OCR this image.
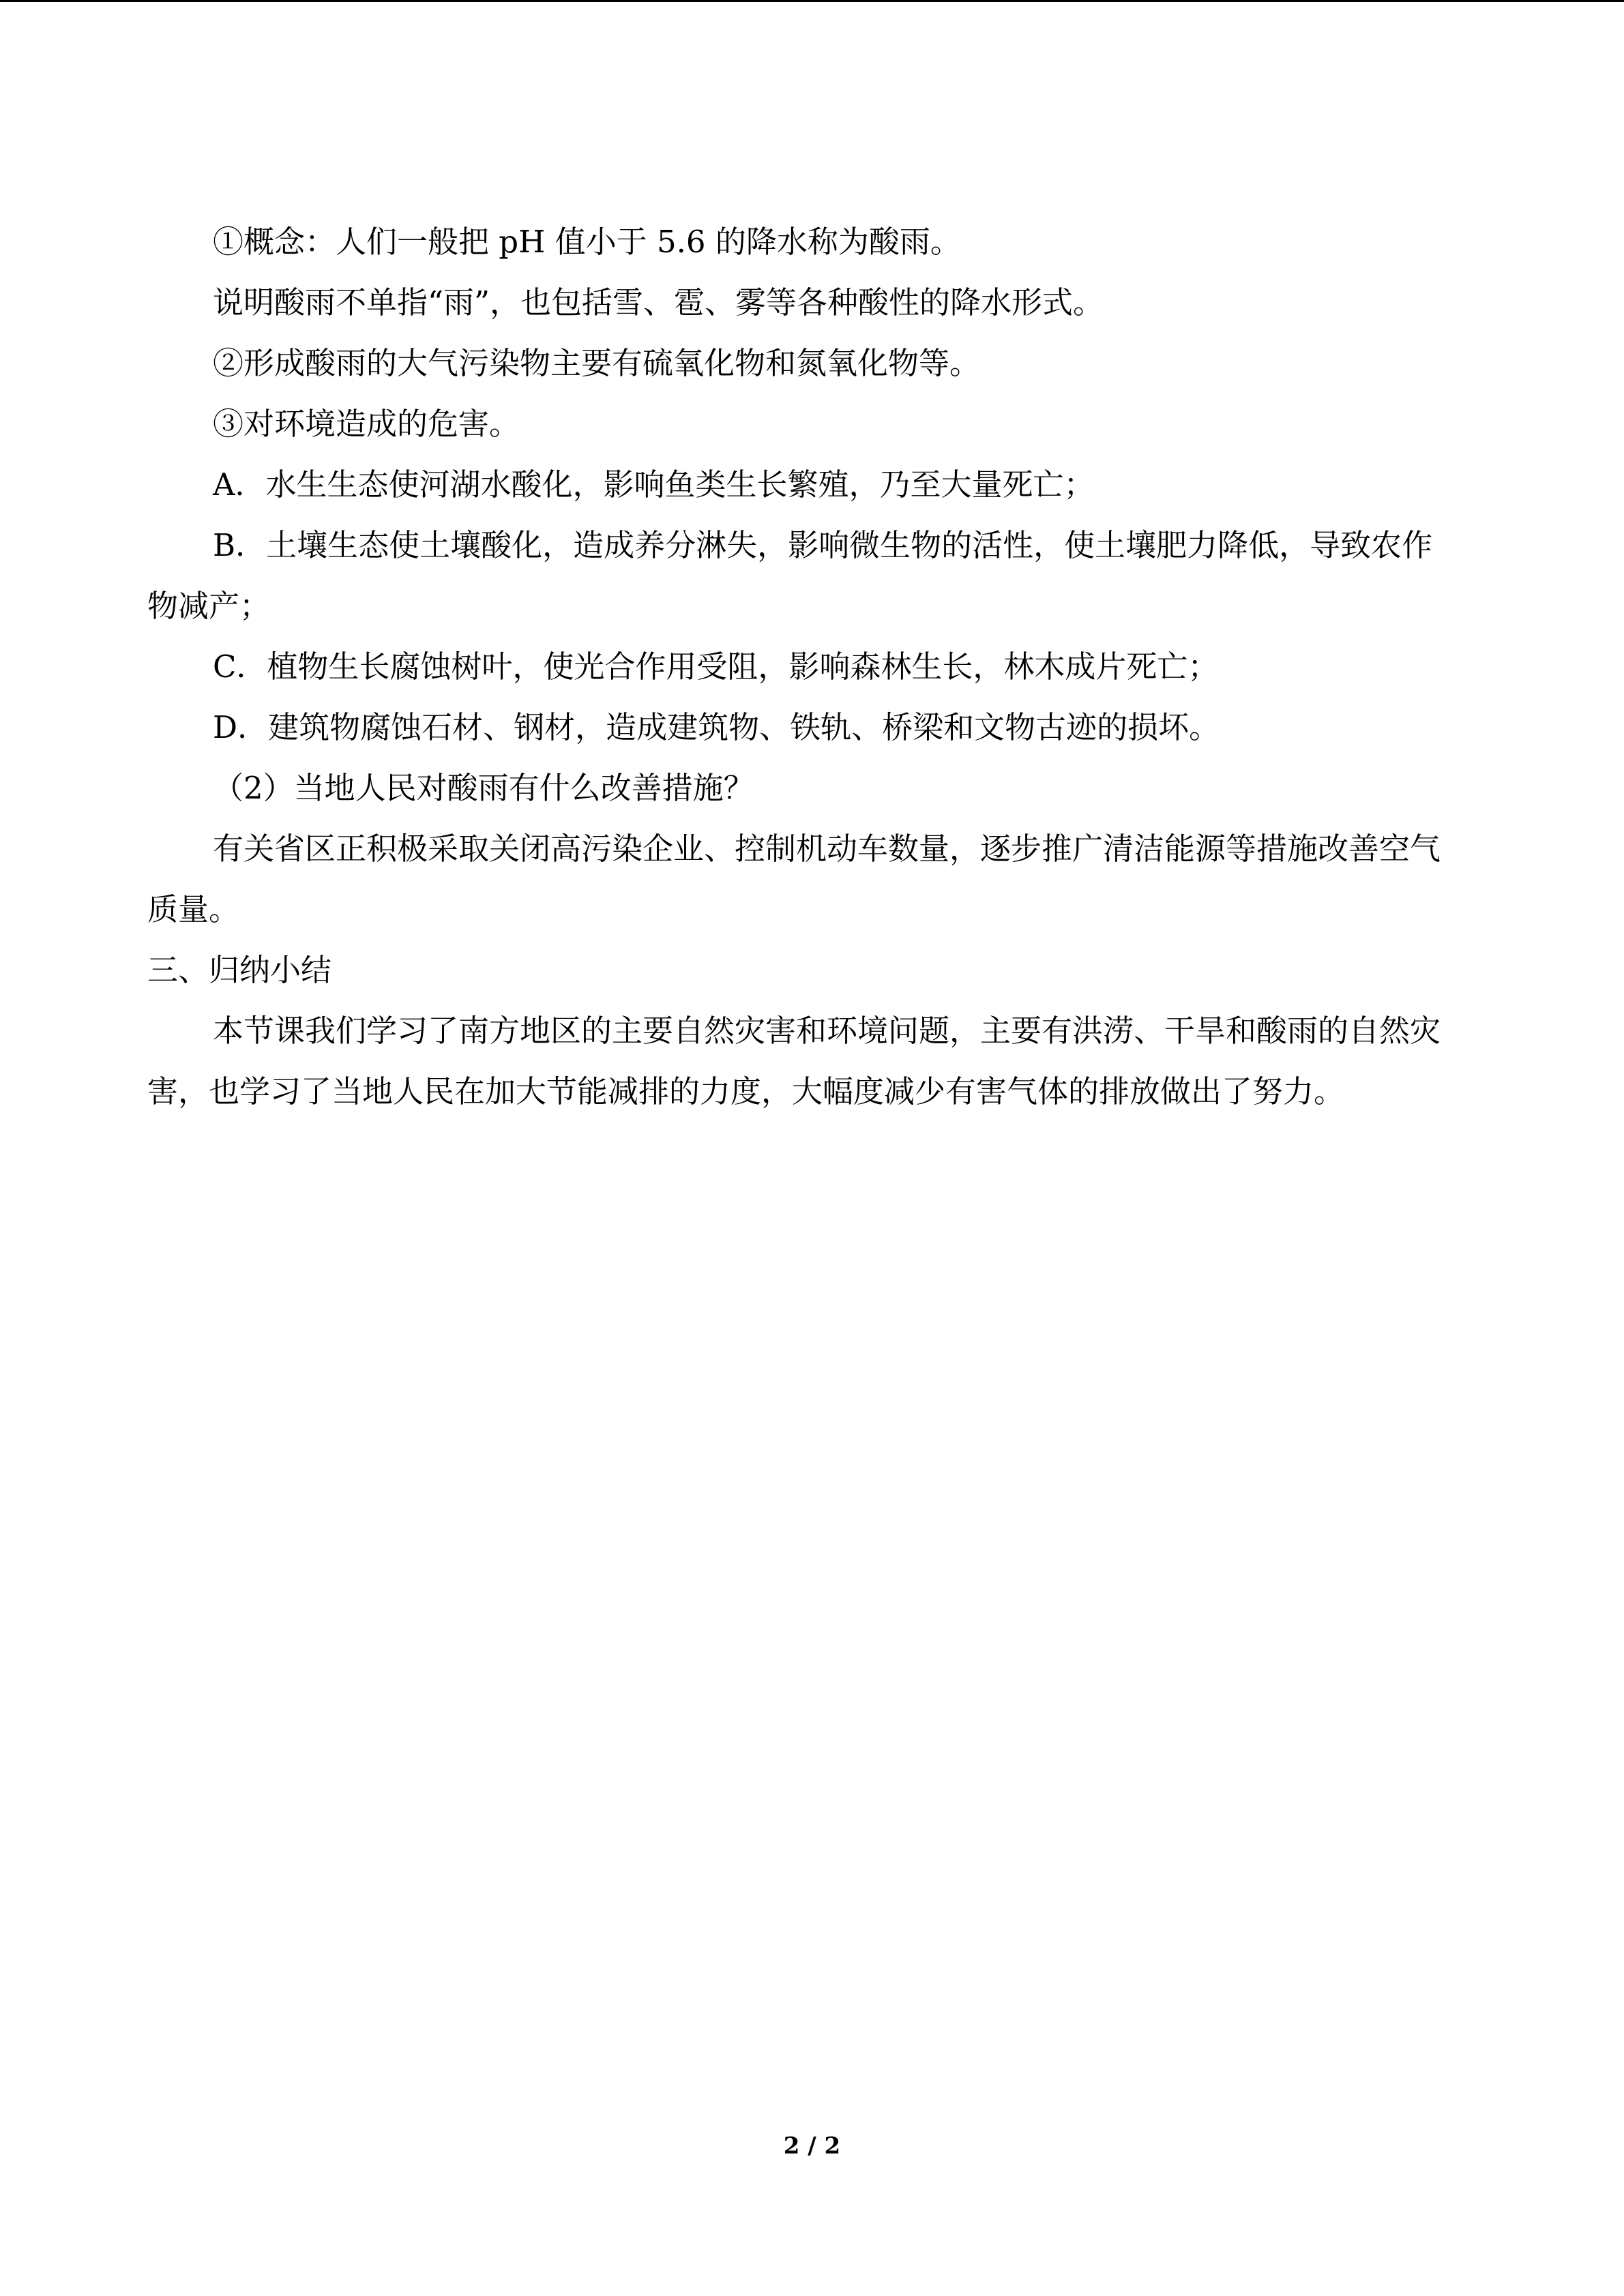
①概念：人们一般把 pH 值小于 5.6 的降水称为酸雨。

说明酸雨不单指“雨”，也包括雪、雹、雾等各种酸性的降水形式。

②形成酸雨的大气污染物主要有硫氧化物和氮氧化物等。

③对环境造成的危害。

A．水生生态使河湖水酸化，影响鱼类生长繁殖，乃至大量死亡；

B．土壤生态使土壤酸化，造成养分淋失，影响微生物的活性，使土壤肥力降低，导致农作物减产；

C．植物生长腐蚀树叶，使光合作用受阻，影响森林生长，林木成片死亡；

D．建筑物腐蚀石材、钢材，造成建筑物、铁轨、桥梁和文物古迹的损坏。

（2）当地人民对酸雨有什么改善措施？

有关省区正积极采取关闭高污染企业、控制机动车数量，逐步推广清洁能源等措施改善空气质量。

三、归纳小结

本节课我们学习了南方地区的主要自然灾害和环境问题，主要有洪涝、干旱和酸雨的自然灾害，也学习了当地人民在加大节能减排的力度，大幅度减少有害气体的排放做出了努力。

2 / 2
